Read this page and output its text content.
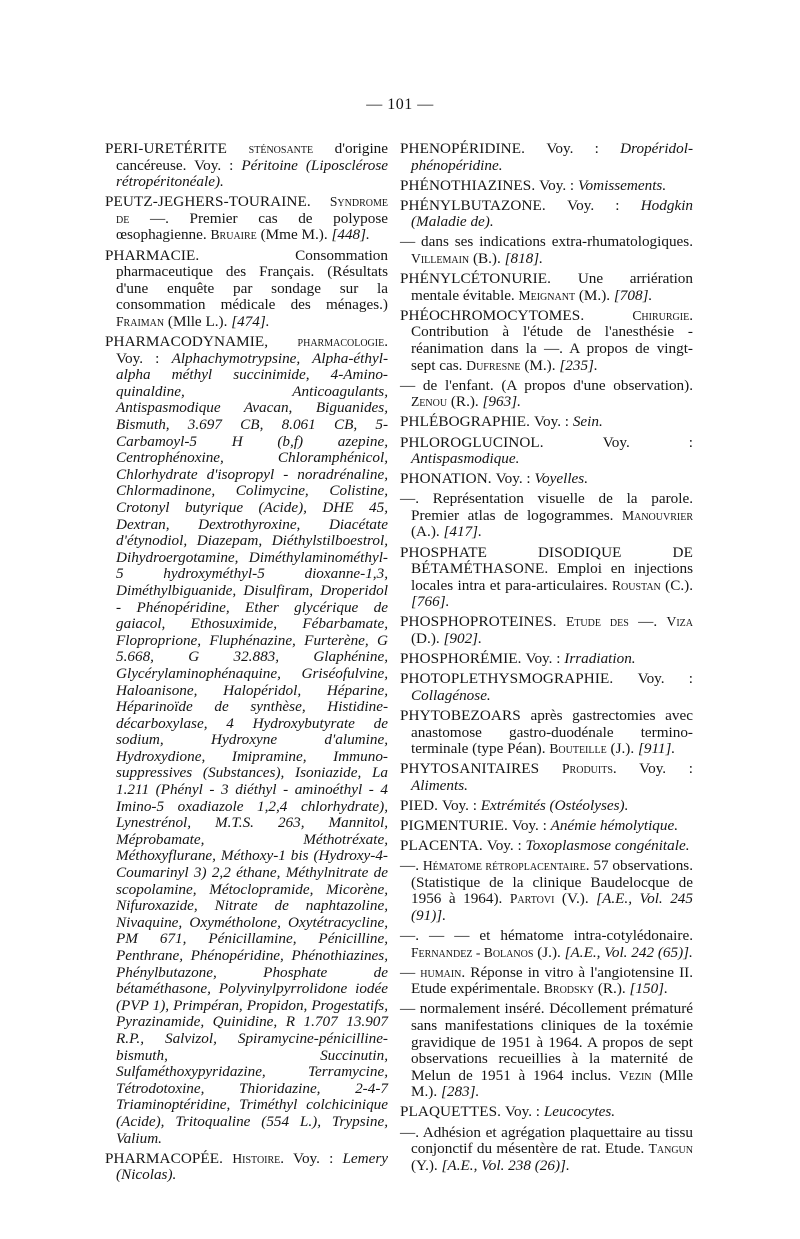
— 101 —

PERI-URETÉRITE sténosante d'origine cancéreuse. Voy. : Péritoine (Liposclérose rétropéritonéale).

PEUTZ-JEGHERS-TOURAINE. Syndrome de —. Premier cas de polypose œsophagienne. Bruaire (Mme M.). [448].

PHARMACIE. Consommation pharmaceutique des Français. (Résultats d'une enquête par sondage sur la consommation médicale des ménages.) Fraiman (Mlle L.). [474].

PHARMACODYNAMIE, pharmacologie. Voy. : Alphachymotrypsine, Alpha-éthyl-alpha méthyl succinimide, 4-Amino-quinaldine, Anticoagulants, Antispasmodique Avacan, Biguanides, Bismuth, 3.697 CB, 8.061 CB, 5-Carbamoyl-5 H (b,f) azepine, Centrophénoxine, Chloramphénicol, Chlorhydrate d'isopropyl - noradrénaline, Chlormadinone, Colimycine, Colistine, Crotonyl butyrique (Acide), DHE 45, Dextran, Dextrothyroxine, Diacétate d'étynodiol, Diazepam, Diéthylstilboestrol, Dihydroergotamine, Diméthylaminométhyl-5 hydroxyméthyl-5 dioxanne-1,3, Diméthylbiguanide, Disulfiram, Droperidol - Phénopéridine, Ether glycérique de gaiacol, Ethosuximide, Fébarbamate, Floproprione, Fluphénazine, Furterène, G 5.668, G 32.883, Glaphénine, Glycérylaminophénaquine, Griséofulvine, Haloanisone, Halopéridol, Héparine, Héparinoïde de synthèse, Histidine-décarboxylase, 4 Hydroxybutyrate de sodium, Hydroxyne d'alumine, Hydroxydione, Imipramine, Immuno-suppressives (Substances), Isoniazide, La 1.211 (Phényl - 3 diéthyl - aminoéthyl - 4 Imino-5 oxadiazole 1,2,4 chlorhydrate), Lynestrénol, M.T.S. 263, Mannitol, Méprobamate, Méthotréxate, Méthoxyflurane, Méthoxy-1 bis (Hydroxy-4-Coumarinyl 3) 2,2 éthane, Méthylnitrate de scopolamine, Métoclopramide, Micorène, Nifuroxazide, Nitrate de naphtazoline, Nivaquine, Oxymétholone, Oxytétracycline, PM 671, Pénicillamine, Pénicilline, Penthrane, Phénopéridine, Phénothiazines, Phénylbutazone, Phosphate de bétaméthasone, Polyvinylpyrrolidone iodée (PVP 1), Primpéran, Propidon, Progestatifs, Pyrazinamide, Quinidine, R 1.707 13.907 R.P., Salvizol, Spiramycine-pénicilline-bismuth, Succinutin, Sulfaméthoxypyridazine, Terramycine, Tétrodotoxine, Thioridazine, 2-4-7 Triaminoptéridine, Triméthyl colchicinique (Acide), Tritoqualine (554 L.), Trypsine, Valium.

PHARMACOPÉE. Histoire. Voy. : Lemery (Nicolas).

PHENOPÉRIDINE. Voy. : Dropéridol-phénopéridine.

PHÉNOTHIAZINES. Voy. : Vomissements.

PHÉNYLBUTAZONE. Voy. : Hodgkin (Maladie de).

— dans ses indications extra-rhumatologiques. Villemain (B.). [818].

PHÉNYLCÉTONURIE. Une arriération mentale évitable. Meignant (M.). [708].

PHÉOCHROMOCYTOMES. Chirurgie. Contribution à l'étude de l'anesthésie - réanimation dans la —. A propos de vingt-sept cas. Dufresne (M.). [235].

— de l'enfant. (A propos d'une observation). Zenou (R.). [963].

PHLÉBOGRAPHIE. Voy. : Sein.

PHLOROGLUCINOL. Voy. : Antispasmodique.

PHONATION. Voy. : Voyelles.

—. Représentation visuelle de la parole. Premier atlas de logogrammes. Manouvrier (A.). [417].

PHOSPHATE DISODIQUE DE BÉTAMÉTHASONE. Emploi en injections locales intra et para-articulaires. Roustan (C.). [766].

PHOSPHOPROTEINES. Etude des —. Viza (D.). [902].

PHOSPHORÉMIE. Voy. : Irradiation.

PHOTOPLETHYSMOGRAPHIE. Voy. : Collagénose.

PHYTOBEZOARS après gastrectomies avec anastomose gastro-duodénale termino-terminale (type Péan). Bouteille (J.). [911].

PHYTOSANITAIRES Produits. Voy. : Aliments.

PIED. Voy. : Extrémités (Ostéolyses).

PIGMENTURIE. Voy. : Anémie hémolytique.

PLACENTA. Voy. : Toxoplasmose congénitale.

—. Hématome rétroplacentaire. 57 observations. (Statistique de la clinique Baudelocque de 1956 à 1964). Partovi (V.). [A.E., Vol. 245 (91)].

—. — — et hématome intra-cotylédonaire. Fernandez - Bolanos (J.). [A.E., Vol. 242 (65)].

— humain. Réponse in vitro à l'angiotensine II. Etude expérimentale. Brodsky (R.). [150].

— normalement inséré. Décollement prématuré sans manifestations cliniques de la toxémie gravidique de 1951 à 1964. A propos de sept observations recueillies à la maternité de Melun de 1951 à 1964 inclus. Vezin (Mlle M.). [283].

PLAQUETTES. Voy. : Leucocytes.

—. Adhésion et agrégation plaquettaire au tissu conjonctif du mésentère de rat. Etude. Tangun (Y.). [A.E., Vol. 238 (26)].
